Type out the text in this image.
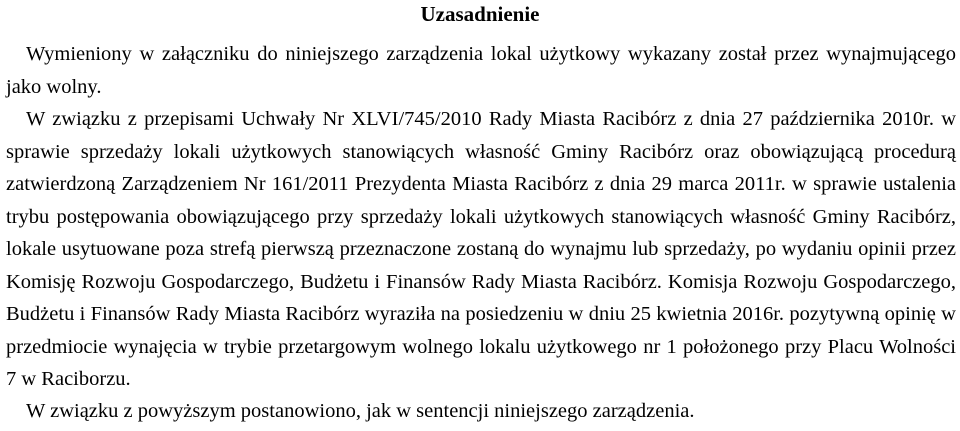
Uzasadnienie

Wymieniony w załączniku do niniejszego zarządzenia lokal użytkowy wykazany został przez wynajmującego jako wolny.

W związku z przepisami Uchwały Nr XLVI/745/2010 Rady Miasta Racibórz z dnia 27 października 2010r. w sprawie sprzedaży lokali użytkowych stanowiących własność Gminy Racibórz oraz obowiązującą procedurą zatwierdzoną Zarządzeniem Nr 161/2011 Prezydenta Miasta Racibórz z dnia 29 marca 2011r. w sprawie ustalenia trybu postępowania obowiązującego przy sprzedaży lokali użytkowych stanowiących własność Gminy Racibórz, lokale usytuowane poza strefą pierwszą przeznaczone zostaną do wynajmu lub sprzedaży, po wydaniu opinii przez Komisję Rozwoju Gospodarczego, Budżetu i Finansów Rady Miasta Racibórz. Komisja Rozwoju Gospodarczego, Budżetu i Finansów Rady Miasta Racibórz wyraziła na posiedzeniu w dniu 25 kwietnia 2016r. pozytywną opinię w przedmiocie wynajęcia w trybie przetargowym wolnego lokalu użytkowego nr 1 położonego przy Placu Wolności 7 w Raciborzu.

W związku z powyższym postanowiono, jak w sentencji niniejszego zarządzenia.
